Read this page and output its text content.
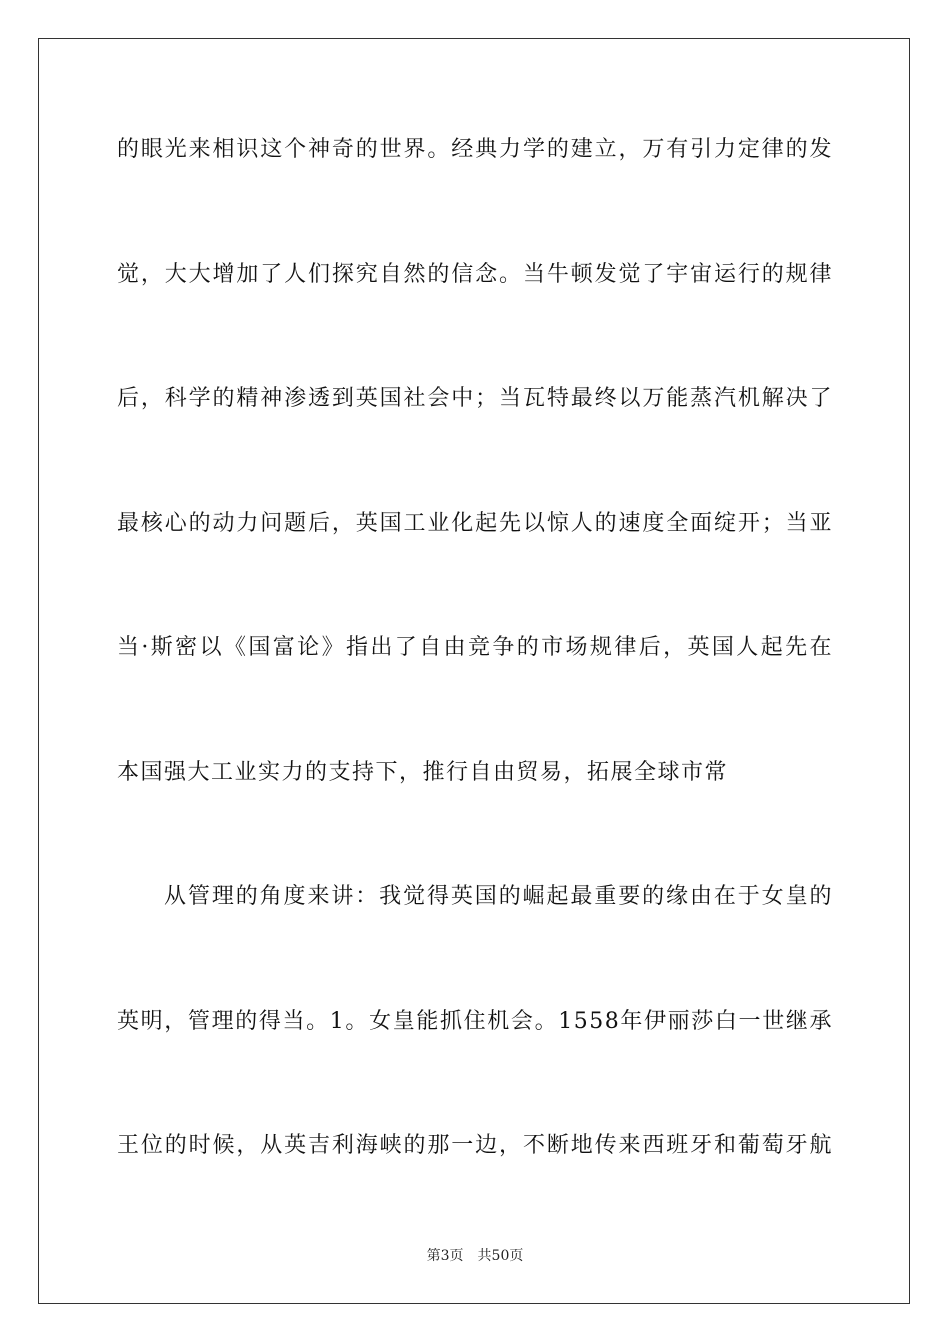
的眼光来相识这个神奇的世界。经典力学的建立，万有引力定律的发
觉，大大增加了人们探究自然的信念。当牛顿发觉了宇宙运行的规律
后，科学的精神渗透到英国社会中；当瓦特最终以万能蒸汽机解决了
最核心的动力问题后，英国工业化起先以惊人的速度全面绽开；当亚
当·斯密以《国富论》指出了自由竞争的市场规律后，英国人起先在
本国强大工业实力的支持下，推行自由贸易，拓展全球市常
从管理的角度来讲：我觉得英国的崛起最重要的缘由在于女皇的
英明，管理的得当。1。女皇能抓住机会。1558年伊丽莎白一世继承
王位的时候，从英吉利海峡的那一边，不断地传来西班牙和葡萄牙航
第3页　共50页
